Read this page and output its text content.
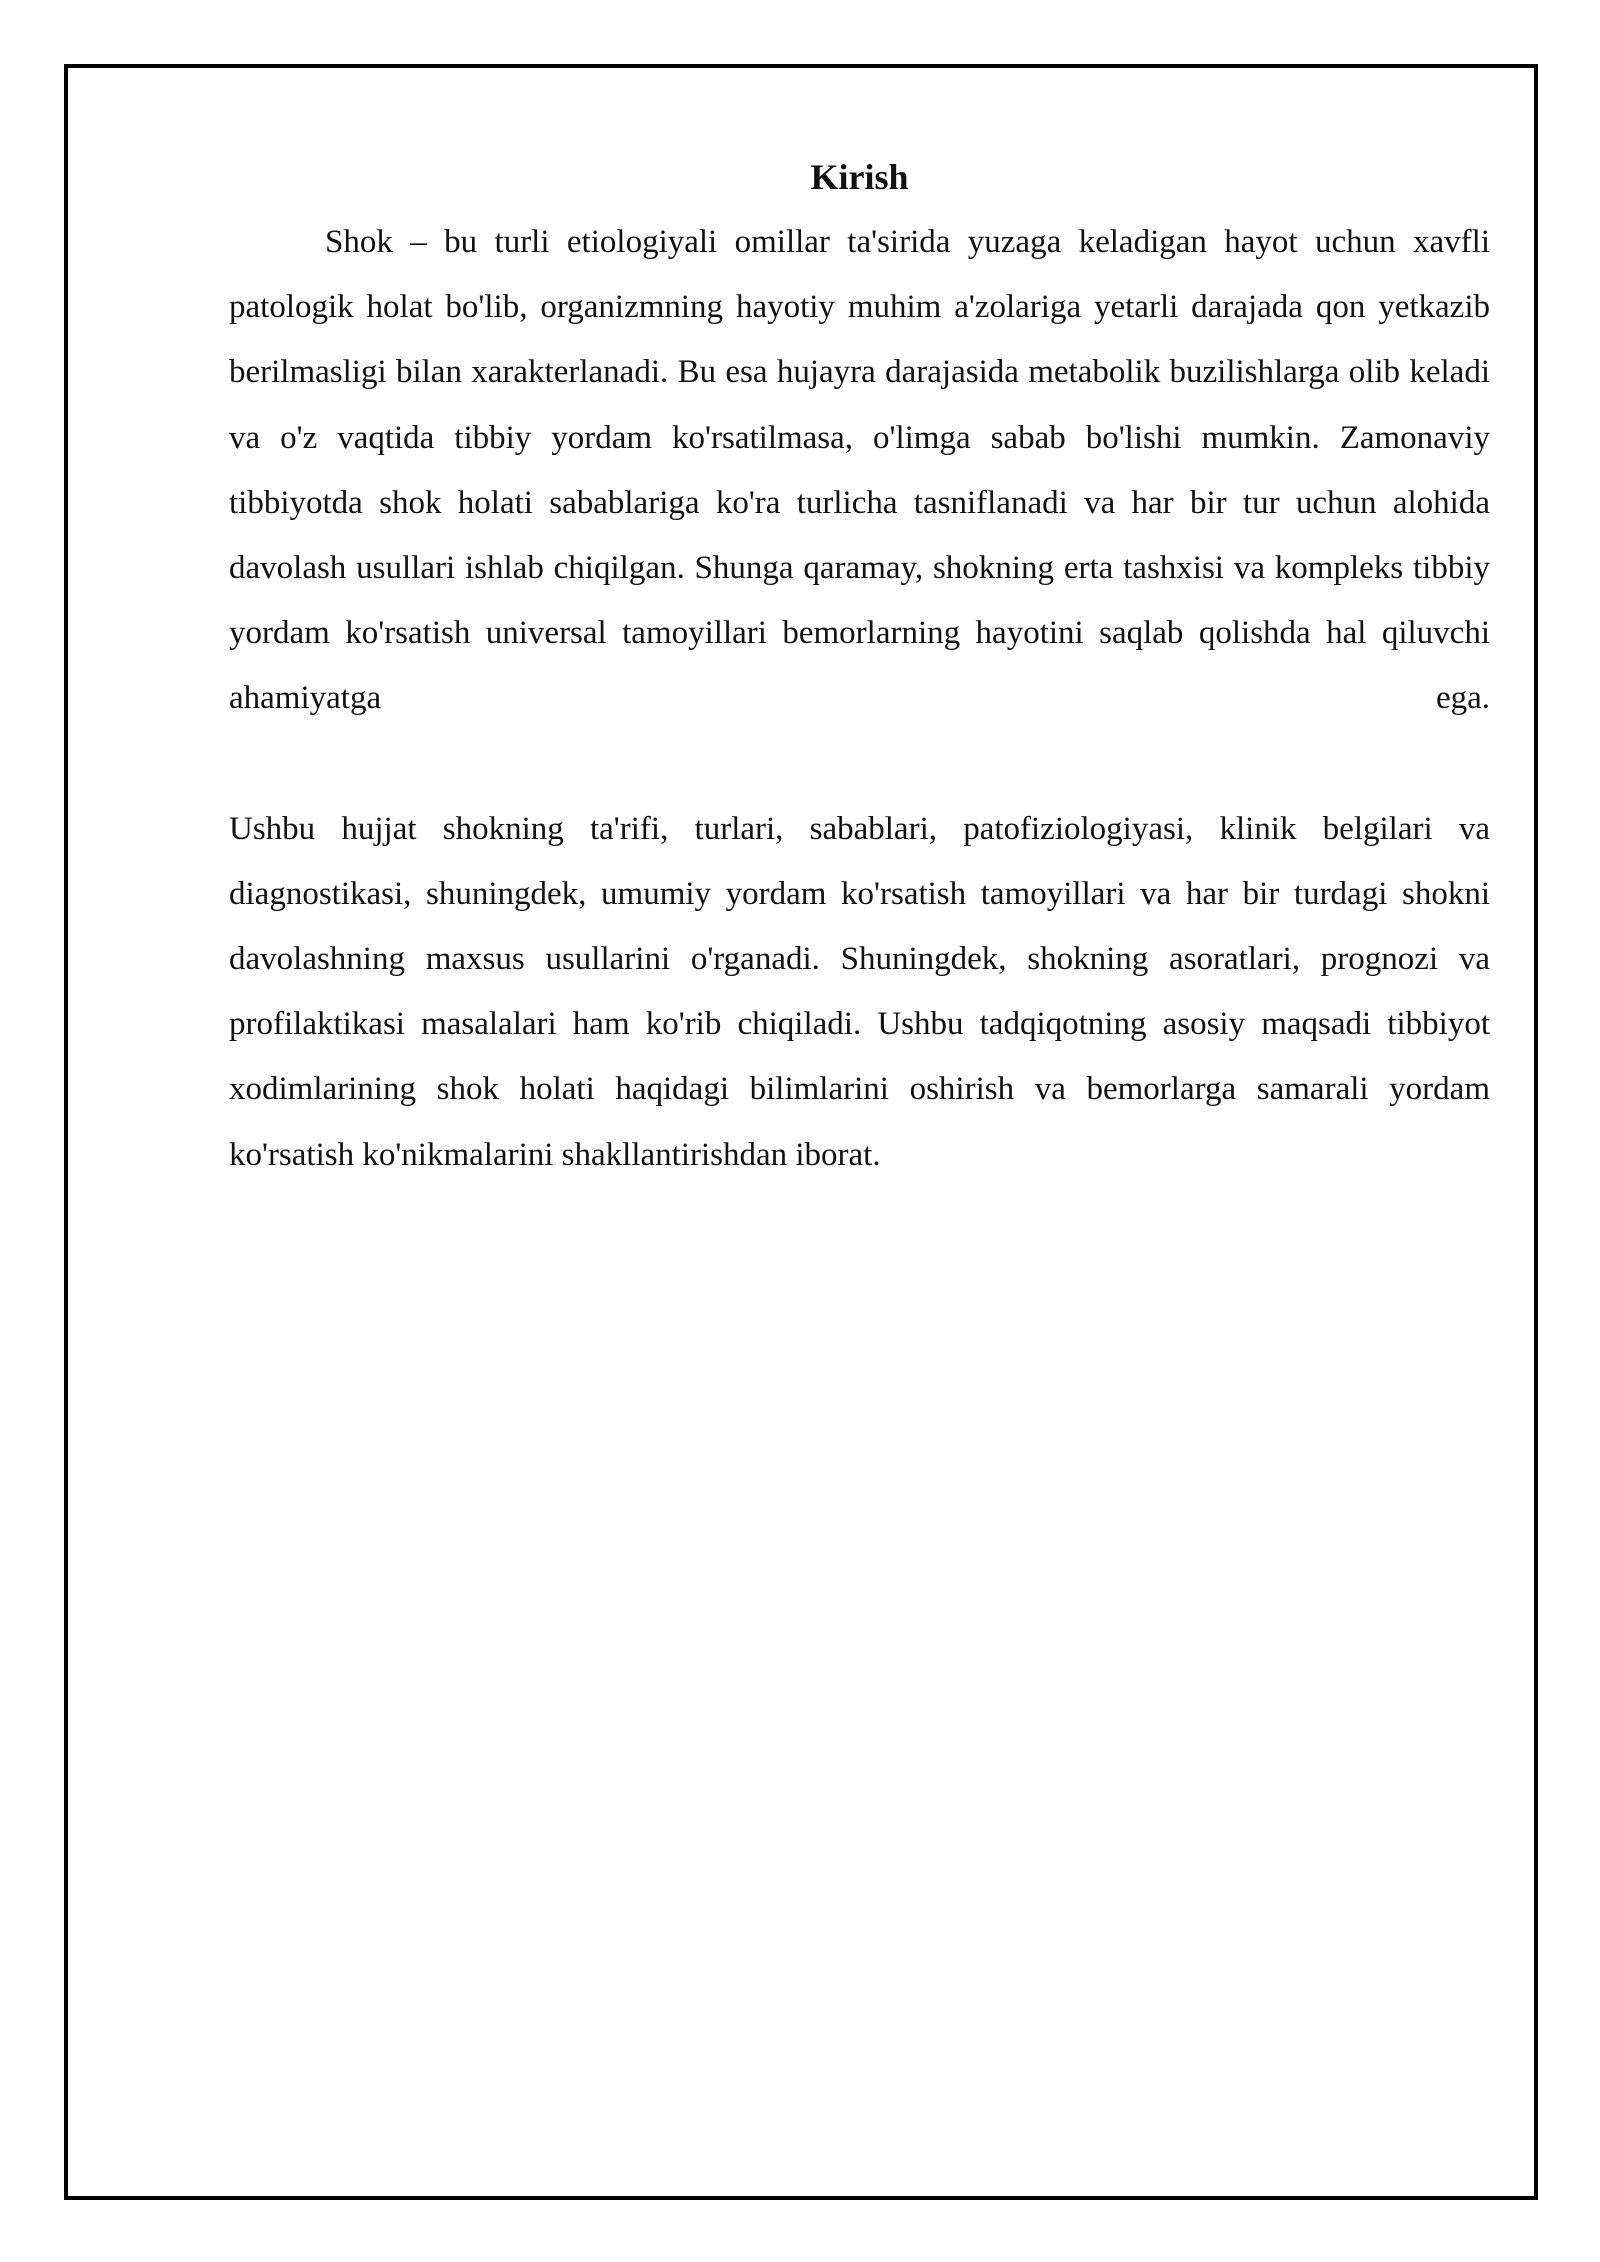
Kirish

Shok – bu turli etiologiyali omillar ta'sirida yuzaga keladigan hayot uchun xavfli patologik holat bo'lib, organizmning hayotiy muhim a'zolariga yetarli darajada qon yetkazib berilmasligi bilan xarakterlanadi. Bu esa hujayra darajasida metabolik buzilishlarga olib keladi va o'z vaqtida tibbiy yordam ko'rsatilmasa, o'limga sabab bo'lishi mumkin. Zamonaviy tibbiyotda shok holati sabablariga ko'ra turlicha tasniflanadi va har bir tur uchun alohida davolash usullari ishlab chiqilgan. Shunga qaramay, shokning erta tashxisi va kompleks tibbiy yordam ko'rsatish universal tamoyillari bemorlarning hayotini saqlab qolishda hal qiluvchi ahamiyatga ega.

Ushbu hujjat shokning ta'rifi, turlari, sabablari, patofiziologiyasi, klinik belgilari va diagnostikasi, shuningdek, umumiy yordam ko'rsatish tamoyillari va har bir turdagi shokni davolashning maxsus usullarini o'rganadi. Shuningdek, shokning asoratlari, prognozi va profilaktikasi masalalari ham ko'rib chiqiladi. Ushbu tadqiqotning asosiy maqsadi tibbiyot xodimlarining shok holati haqidagi bilimlarini oshirish va bemorlarga samarali yordam ko'rsatish ko'nikmalarini shakllantirishdan iborat.
